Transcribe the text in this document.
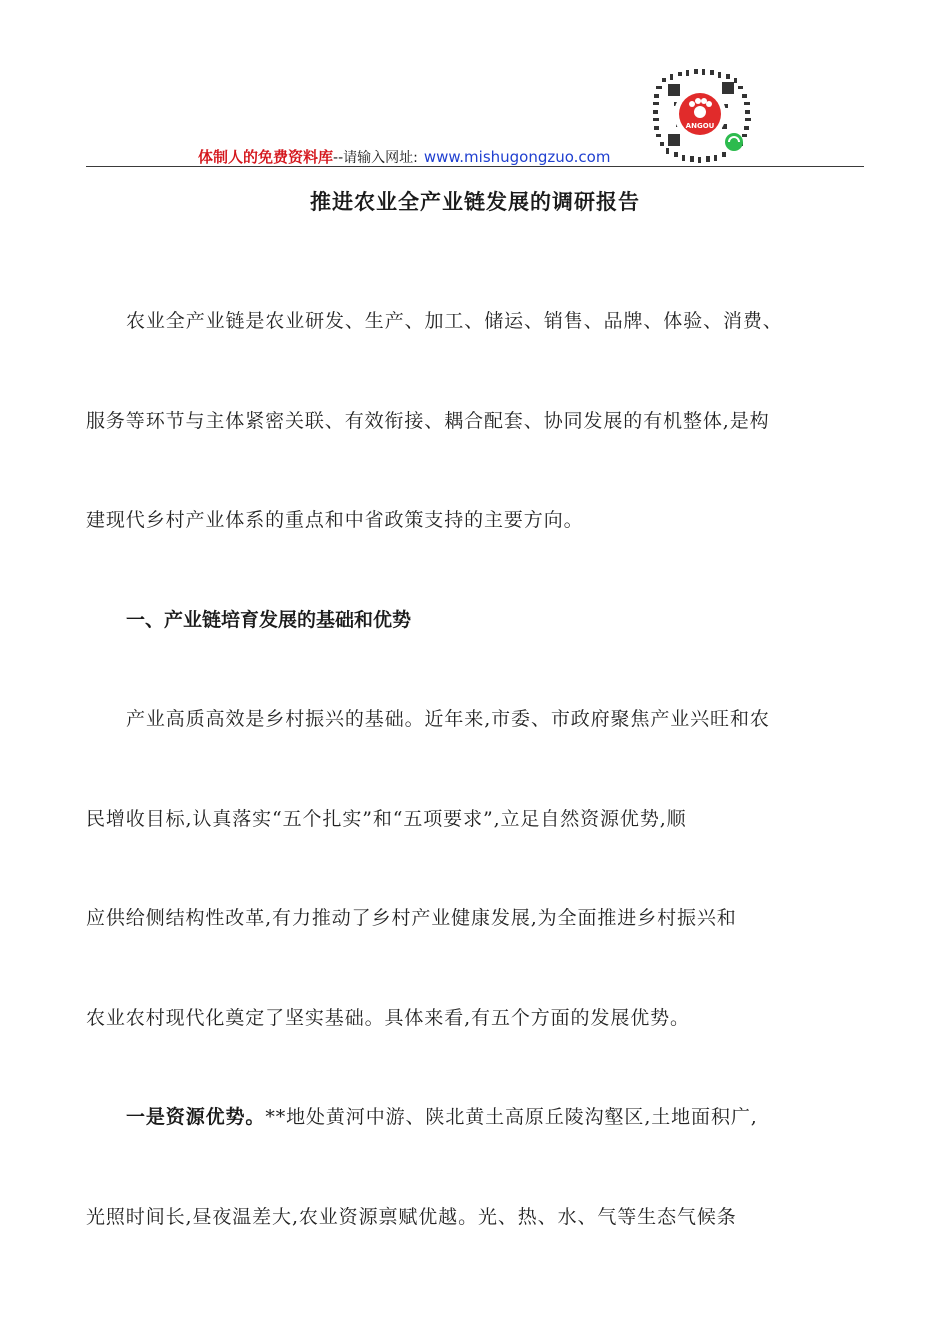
ANGOU
体制人的免费资料库--请输入网址: www.mishugongzuo.com
推进农业全产业链发展的调研报告

农业全产业链是农业研发、生产、加工、储运、销售、品牌、体验、消费、

服务等环节与主体紧密关联、有效衔接、耦合配套、协同发展的有机整体,是构

建现代乡村产业体系的重点和中省政策支持的主要方向。

一、产业链培育发展的基础和优势

产业高质高效是乡村振兴的基础。近年来,市委、市政府聚焦产业兴旺和农

民增收目标,认真落实“五个扎实”和“五项要求”,立足自然资源优势,顺

应供给侧结构性改革,有力推动了乡村产业健康发展,为全面推进乡村振兴和

农业农村现代化奠定了坚实基础。具体来看,有五个方面的发展优势。

一是资源优势。**地处黄河中游、陕北黄土高原丘陵沟壑区,土地面积广,

光照时间长,昼夜温差大,农业资源禀赋优越。光、热、水、气等生态气候条
